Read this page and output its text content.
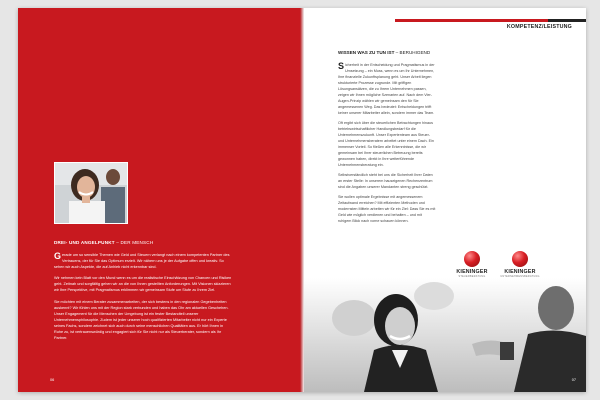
DREI- UND ANGELPUNKT – DER MENSCH

Gerade um so sensible Themen wie Geld und Steuern verlangt nach einem kompetenten Partner des Vertrauens, der für Sie das Optimum erzielt. Wir nähern uns je der Aufgabe offen und kreativ. So sehen wir auch Aspekte, die auf Anhieb nicht erkennbar sind.

Wir nehmen kein Blatt vor den Mund wenn es um die realistische Einschätzung von Chancen und Risiken geht. Zeitnah und sorgfältig gehen wir an die von Ihnen gestellten Anforderungen. Mit Visionen skizzieren wir Ihre Perspektive, mit Pragmatismus erklimmen wir gemeinsam Stufe um Stufe zu Ihrem Ziel.

Sie möchten mit einem Berater zusammenarbeiten, der sich bestens in den regionalen Gegebenheiten auskennt? Wir fühlen uns mit der Region stark verbunden und haben das Ohr am aktuellen Geschehen. Unser Engagement für die Menschen der Umgebung ist ein fester Bestandteil unserer Unternehmensphilosophie. Zudem ist jeder unserer hoch qualifizierten Mitarbeiter nicht nur ein Experte seines Fachs, sondern zeichnet sich auch durch seine menschlichen Qualitäten aus. Er hört Ihnen in Ruhe zu, ist vertrauenswürdig und engagiert sich für Sie nicht nur als Steuerberater, sondern als Ihr Partner.

06
KOMPETENZ/LEISTUNG
WISSEN WAS ZU TUN IST – BERUHIGEND

Sicherheit in der Entscheidung und Pragmatismus in der Umsetzung – ein Muss, wenn es um Ihr Unternehmen, Ihre finanzielle Zukunftsplanung geht. Unser Arbeit liegen strukturierte Prozesse zugrunde. Mit griffigen Lösungsansätzen, die zu Ihrem Unternehmen passen, zeigen wir Ihnen mögliche Szenarien auf. Nach dem Vier-Augen-Prinzip wählen wir gemeinsam den für Sie angemessenen Weg. Das bedeutet: Entscheidungen trifft keiner unserer Mitarbeiter allein, sondern immer das Team.

Oft ergibt sich über die steuerlichen Betrachtungen hinaus betriebswirtschaftlicher Handlungsbedarf für die Unternehmenszukunft. Unser Expertenteam aus Steuer- und Unternehmensberatern arbeitet unter einem Dach. Ein immenser Vorteil. So fließen alle Erkenntnisse, die wir gemeinsam bei Ihrer steuerlichen Betreuung bereits gewonnen haben, direkt in Ihre weiterführende Unternehmensberatung ein.

Selbstverständlich steht bei uns die Sicherheit Ihrer Daten an erster Stelle: In unserem hauseigenen Rechenzentrum sind die Angaben unserer Mandanten streng geschützt.

Sie wollen optimale Ergebnisse mit angemessenem Zeitaufwand erreichen? Mit effizienten Methoden und modernsten Mitteln arbeiten wir für ein Ziel: Dass Sie es mit Geld wie möglich verdienen und behalten – und mit ruhigem Blick nach vorne schauen können.

KIENINGER
STEUERBERATUNG
KIENINGER
UNTERNEHMENSBERATUNG
07
